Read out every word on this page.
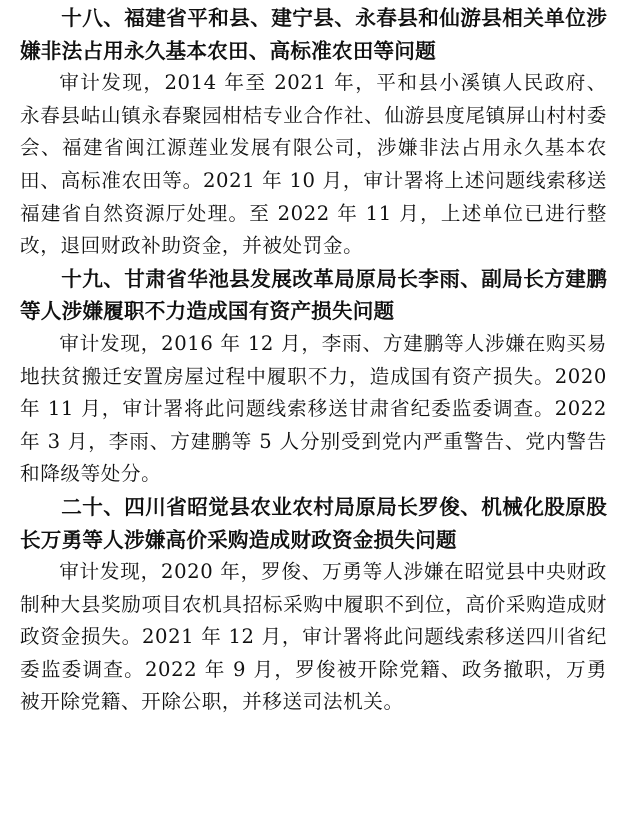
十八、福建省平和县、建宁县、永春县和仙游县相关单位涉嫌非法占用永久基本农田、高标准农田等问题

审计发现，2014 年至 2021 年，平和县小溪镇人民政府、永春县岵山镇永春聚园柑桔专业合作社、仙游县度尾镇屏山村村委会、福建省闽江源莲业发展有限公司，涉嫌非法占用永久基本农田、高标准农田等。2021 年 10 月，审计署将上述问题线索移送福建省自然资源厅处理。至 2022 年 11 月，上述单位已进行整改，退回财政补助资金，并被处罚金。

十九、甘肃省华池县发展改革局原局长李雨、副局长方建鹏等人涉嫌履职不力造成国有资产损失问题

审计发现，2016 年 12 月，李雨、方建鹏等人涉嫌在购买易地扶贫搬迁安置房屋过程中履职不力，造成国有资产损失。2020 年 11 月，审计署将此问题线索移送甘肃省纪委监委调查。2022 年 3 月，李雨、方建鹏等 5 人分别受到党内严重警告、党内警告和降级等处分。

二十、四川省昭觉县农业农村局原局长罗俊、机械化股原股长万勇等人涉嫌高价采购造成财政资金损失问题

审计发现，2020 年，罗俊、万勇等人涉嫌在昭觉县中央财政制种大县奖励项目农机具招标采购中履职不到位，高价采购造成财政资金损失。2021 年 12 月，审计署将此问题线索移送四川省纪委监委调查。2022 年 9 月，罗俊被开除党籍、政务撤职，万勇被开除党籍、开除公职，并移送司法机关。
